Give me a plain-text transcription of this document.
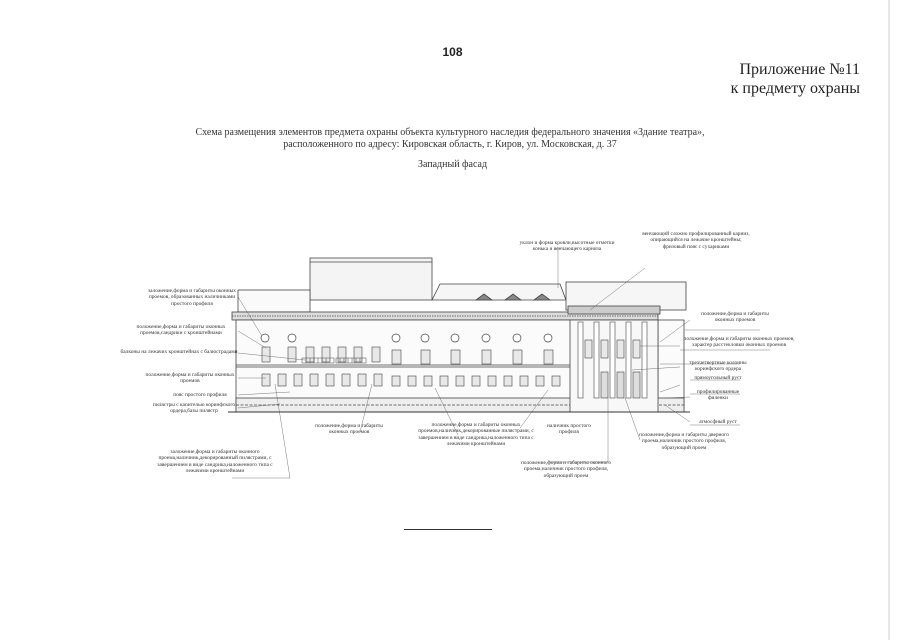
108
Приложение №11
к предмету охраны
Схема размещения элементов предмета охраны объекта культурного наследия федерального значения «Здание театра»,
расположенного по адресу: Кировская область, г. Киров, ул. Московская, д. 37
Западный фасад
уклон и форма кровли,высотные отметки конька и венчающего карниза
венчающий сложно профилированный карниз, опирающийся на лежачие кронштейны; фризовый пояс с сухариками
заложение,форма и габариты оконных проемов, образованных наличниками простого профиля
положение,форма и габариты оконных проемов,сандрики с кронштейнами
балконы на лежачих кронштейнах с балюстрадами
положение,форма и габариты оконных проемов
пояс простого профиля
пилястры с капителью коринфского ордера,базы пилястр
заложение,форма и габариты оконного проема,наличник,декорированный пилястрами, с завершением в виде сандрика,наложенного типа с лежачими кронштейнами
положение,форма и габариты оконных проемов
положение,форма и габариты оконных проемов,наличник,декорированные пилястрами, с завершением в виде сандрика,наложенного типа с лежачими кронштейнами
наличник простого профиля
положение,форма и габариты оконного проема,наличник простого профиля, образующий проем
положение,форма и габариты оконных проемов
положение,форма и габариты оконных проемов, характер расстекловки оконных проемов
трехчетвертные колонны коринфского ордера
прямоугольный руст
профилированные филенки
атмосфный руст
положение,форма и габариты дверного проема,наличник простого профиля, образующий проем
